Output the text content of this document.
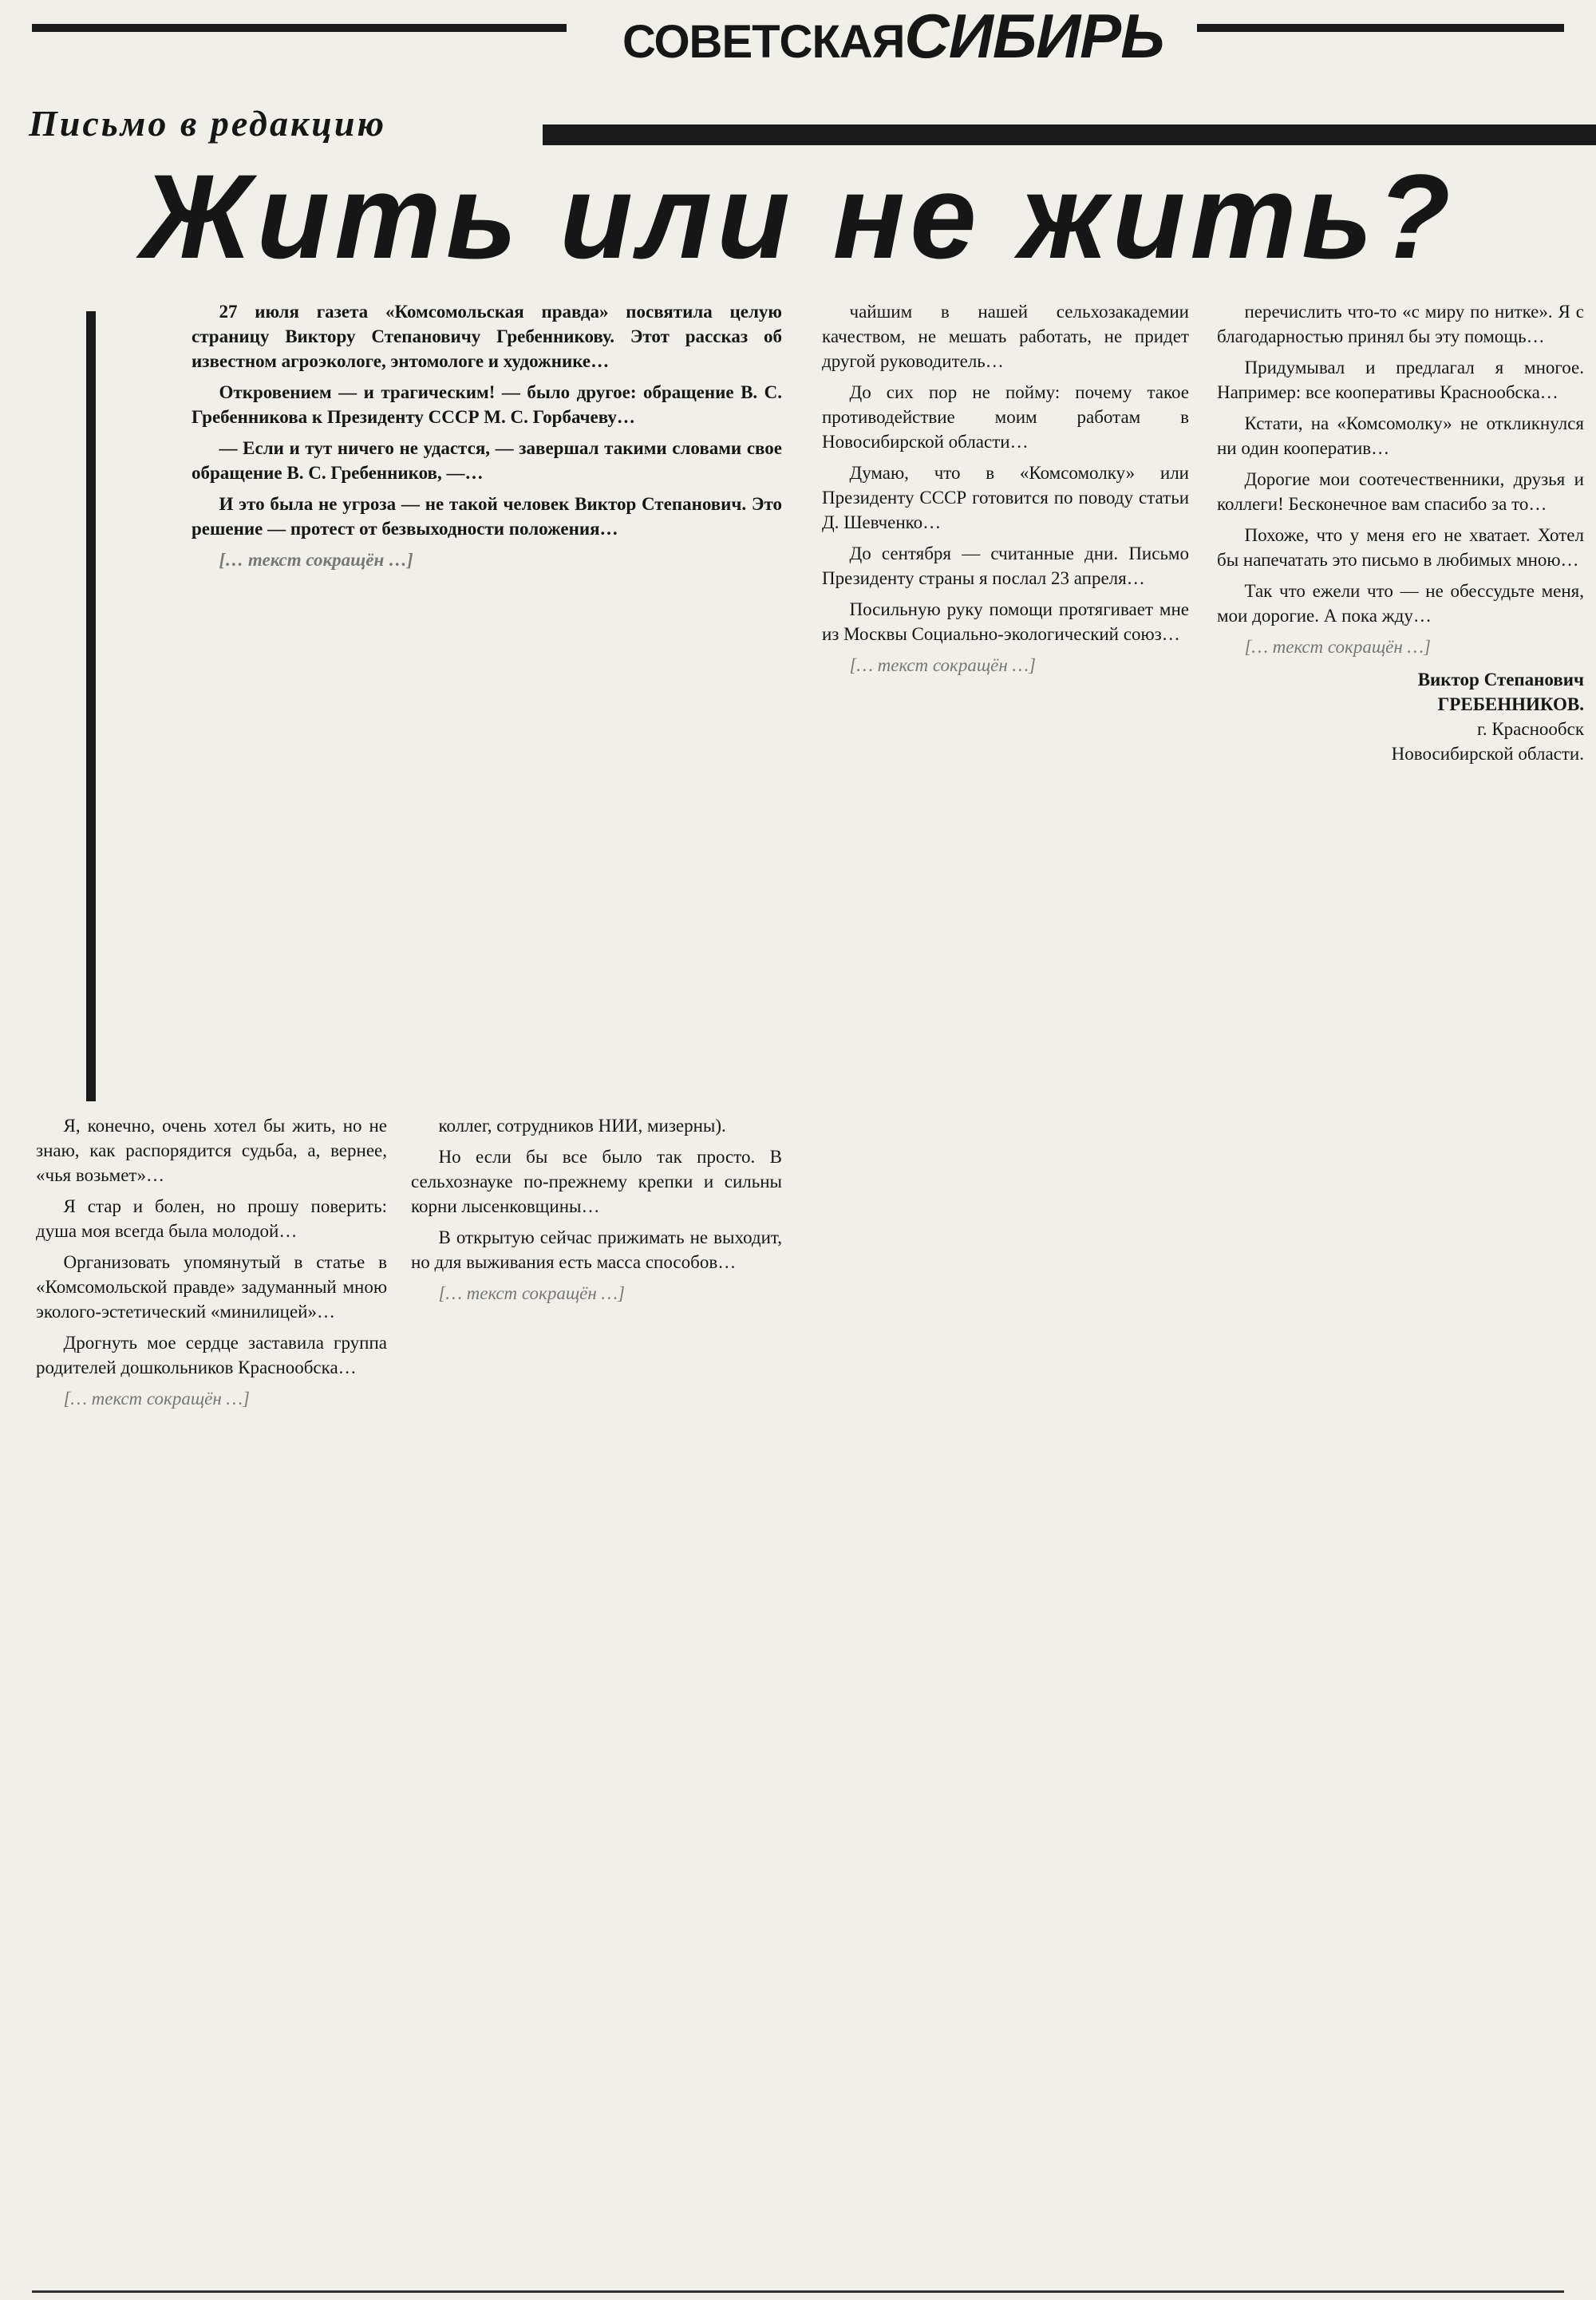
СОВЕТСКАЯСИБИРЬ
Письмо в редакцию
Жить или не жить?

27 июля газета «Комсомольская правда» посвятила целую страницу Виктору Степановичу Гребенникову. Этот рассказ об известном агроэкологе, энтомологе и художнике…

Откровением — и трагическим! — было другое: обращение В. С. Гребенникова к Президенту СССР М. С. Горбачеву…

— Если и тут ничего не удастся, — завершал такими словами свое обращение В. С. Гребенников, —…

И это была не угроза — не такой человек Виктор Степанович. Это решение — протест от безвыходности положения…

[… текст сокращён …]

Я, конечно, очень хотел бы жить, но не знаю, как распорядится судьба, а, вернее, «чья возьмет»…

Я стар и болен, но прошу поверить: душа моя всегда была молодой…

Организовать упомянутый в статье в «Комсомольской правде» задуманный мною эколого-эстетический «минилицей»…

Дрогнуть мое сердце заставила группа родителей дошкольников Краснообска…

[… текст сокращён …]

коллег, сотрудников НИИ, мизерны).

Но если бы все было так просто. В сельхознауке по-прежнему крепки и сильны корни лысенковщины…

В открытую сейчас прижимать не выходит, но для выживания есть масса способов…

[… текст сокращён …]

чайшим в нашей сельхозакадемии качеством, не мешать работать, не придет другой руководитель…

До сих пор не пойму: почему такое противодействие моим работам в Новосибирской области…

Думаю, что в «Комсомолку» или Президенту СССР готовится по поводу статьи Д. Шевченко…

До сентября — считанные дни. Письмо Президенту страны я послал 23 апреля…

Посильную руку помощи протягивает мне из Москвы Социально-экологический союз…

[… текст сокращён …]

перечислить что-то «с миру по нитке». Я с благодарностью принял бы эту помощь…

Придумывал и предлагал я многое. Например: все кооперативы Краснообска…

Кстати, на «Комсомолку» не откликнулся ни один кооператив…

Дорогие мои соотечественники, друзья и коллеги! Бесконечное вам спасибо за то…

Похоже, что у меня его не хватает. Хотел бы напечатать это письмо в любимых мною…

Так что ежели что — не обессудьте меня, мои дорогие. А пока жду…

[… текст сокращён …]

Виктор Степанович
ГРЕБЕННИКОВ.
г. Краснообск
Новосибирской области.
